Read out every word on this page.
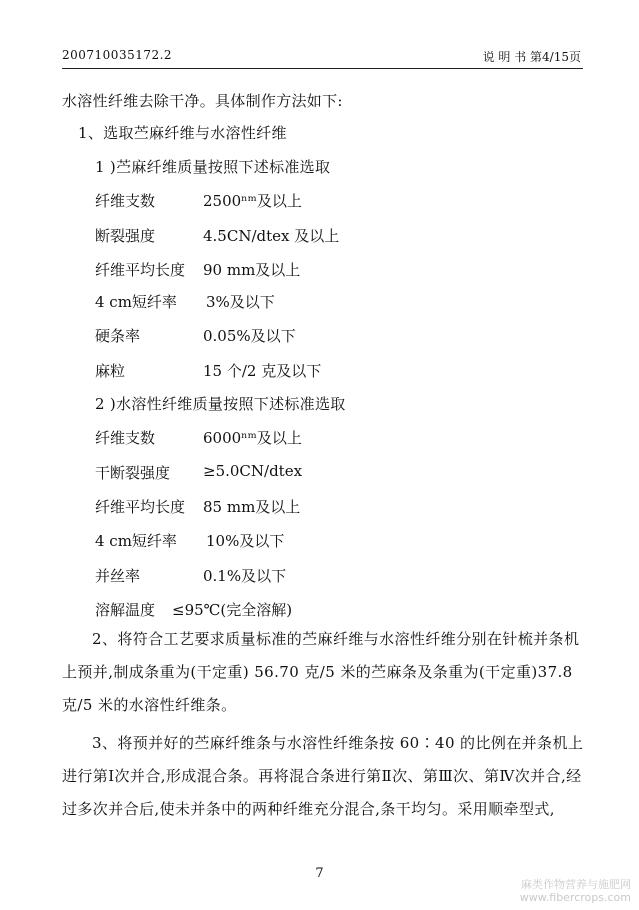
200710035172.2	说 明 书 第4/15页
水溶性纤维去除干净。具体制作方法如下:
1、选取苎麻纤维与水溶性纤维
1 )苎麻纤维质量按照下述标准选取
纤维支数	2500ⁿᵐ及以上
断裂强度	4.5CN/dtex 及以上
纤维平均长度 90 mm及以上
4 cm短纤率 3%及以下
硬条率	0.05%及以下
麻粒	15 个/2 克及以下
2 )水溶性纤维质量按照下述标准选取
纤维支数	6000ⁿᵐ及以上
干断裂强度 ≥5.0CN/dtex
纤维平均长度 85 mm及以上
4 cm短纤率 10%及以下
并丝率	0.1%及以下
溶解温度 ≤95℃(完全溶解)
2、将符合工艺要求质量标准的苎麻纤维与水溶性纤维分别在针梳并条机上预并,制成条重为(干定重) 56.70 克/5 米的苎麻条及条重为(干定重)37.8 克/5 米的水溶性纤维条。
3、将预并好的苎麻纤维条与水溶性纤维条按 60∶40 的比例在并条机上进行第Ⅰ次并合,形成混合条。再将混合条进行第Ⅱ次、第Ⅲ次、第Ⅳ次并合,经过多次并合后,使未并条中的两种纤维充分混合,条干均匀。采用顺牵型式,
7
麻类作物营养与施肥网
www.fibercrops.com
